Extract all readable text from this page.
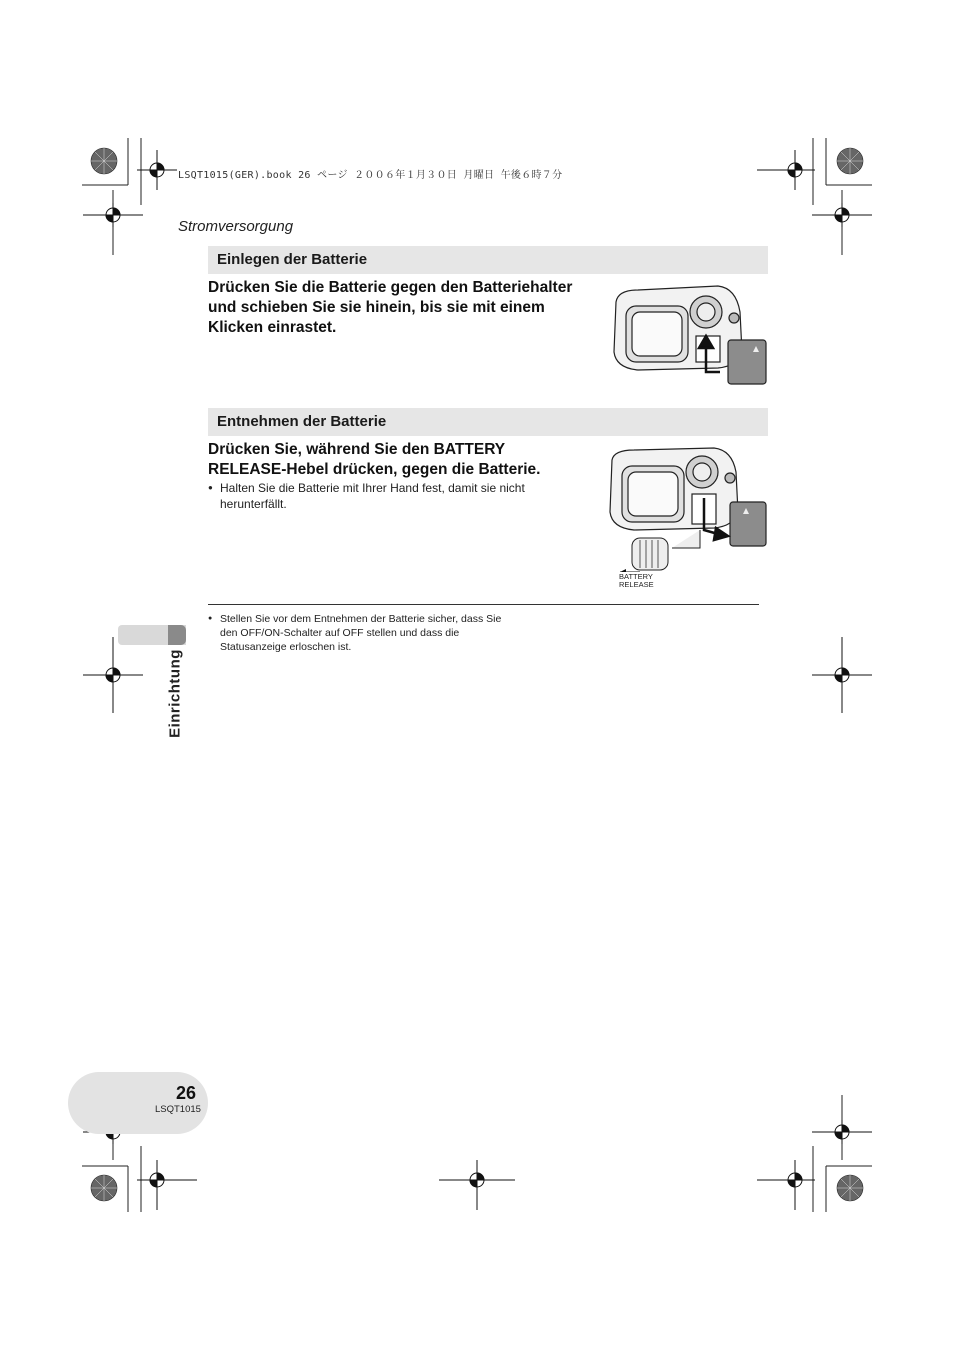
LSQT1015(GER).book 26 ページ ２００６年１月３０日 月曜日 午後６時７分
Stromversorgung
Einlegen der Batterie
Drücken Sie die Batterie gegen den Batteriehalter und schieben Sie sie hinein, bis sie mit einem Klicken einrastet.
Entnehmen der Batterie
Drücken Sie, während Sie den BATTERY RELEASE-Hebel drücken, gegen die Batterie.
● Halten Sie die Batterie mit Ihrer Hand fest, damit sie nicht herunterfällt.
BATTERY
RELEASE
● Stellen Sie vor dem Entnehmen der Batterie sicher, dass Sie den OFF/ON-Schalter auf OFF stellen und dass die Statusanzeige erloschen ist.
Einrichtung
26
LSQT1015
